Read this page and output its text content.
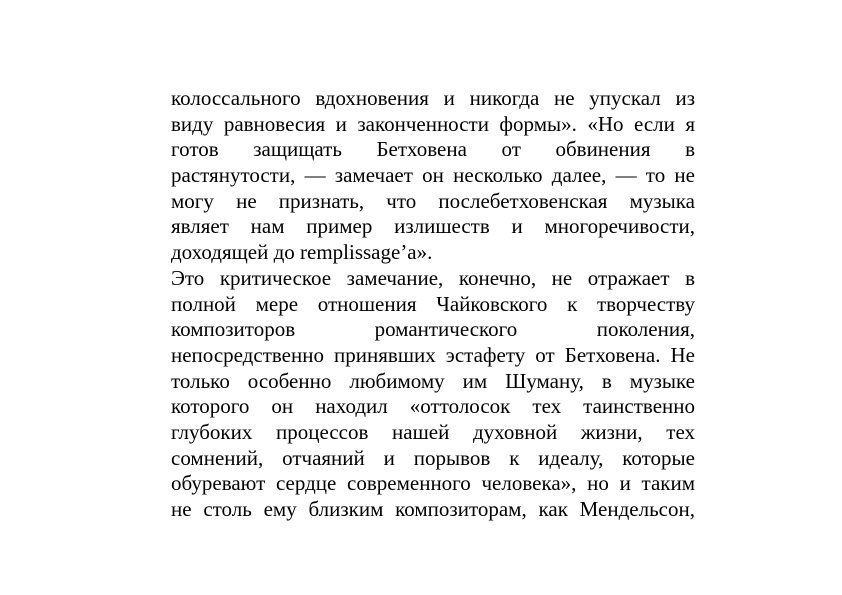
колоссального вдохновения и никогда не упускал из
виду равновесия и законченности формы». «Но если я
готов защищать Бетховена от обвинения в
растянутости, — замечает он несколько далее, — то не
могу не признать, что послебетховенская музыка
являет нам пример излишеств и многоречивости,
доходящей до remplissage’а».
Это критическое замечание, конечно, не отражает в
полной мере отношения Чайковского к творчеству
композиторов романтического поколения,
непосредственно принявших эстафету от Бетховена. Не
только особенно любимому им Шуману, в музыке
которого он находил «оттолосок тех таинственно
глубоких процессов нашей духовной жизни, тех
сомнений, отчаяний и порывов к идеалу, которые
обуревают сердце современного человека», но и таким
не столь ему близким композиторам, как Мендельсон,
